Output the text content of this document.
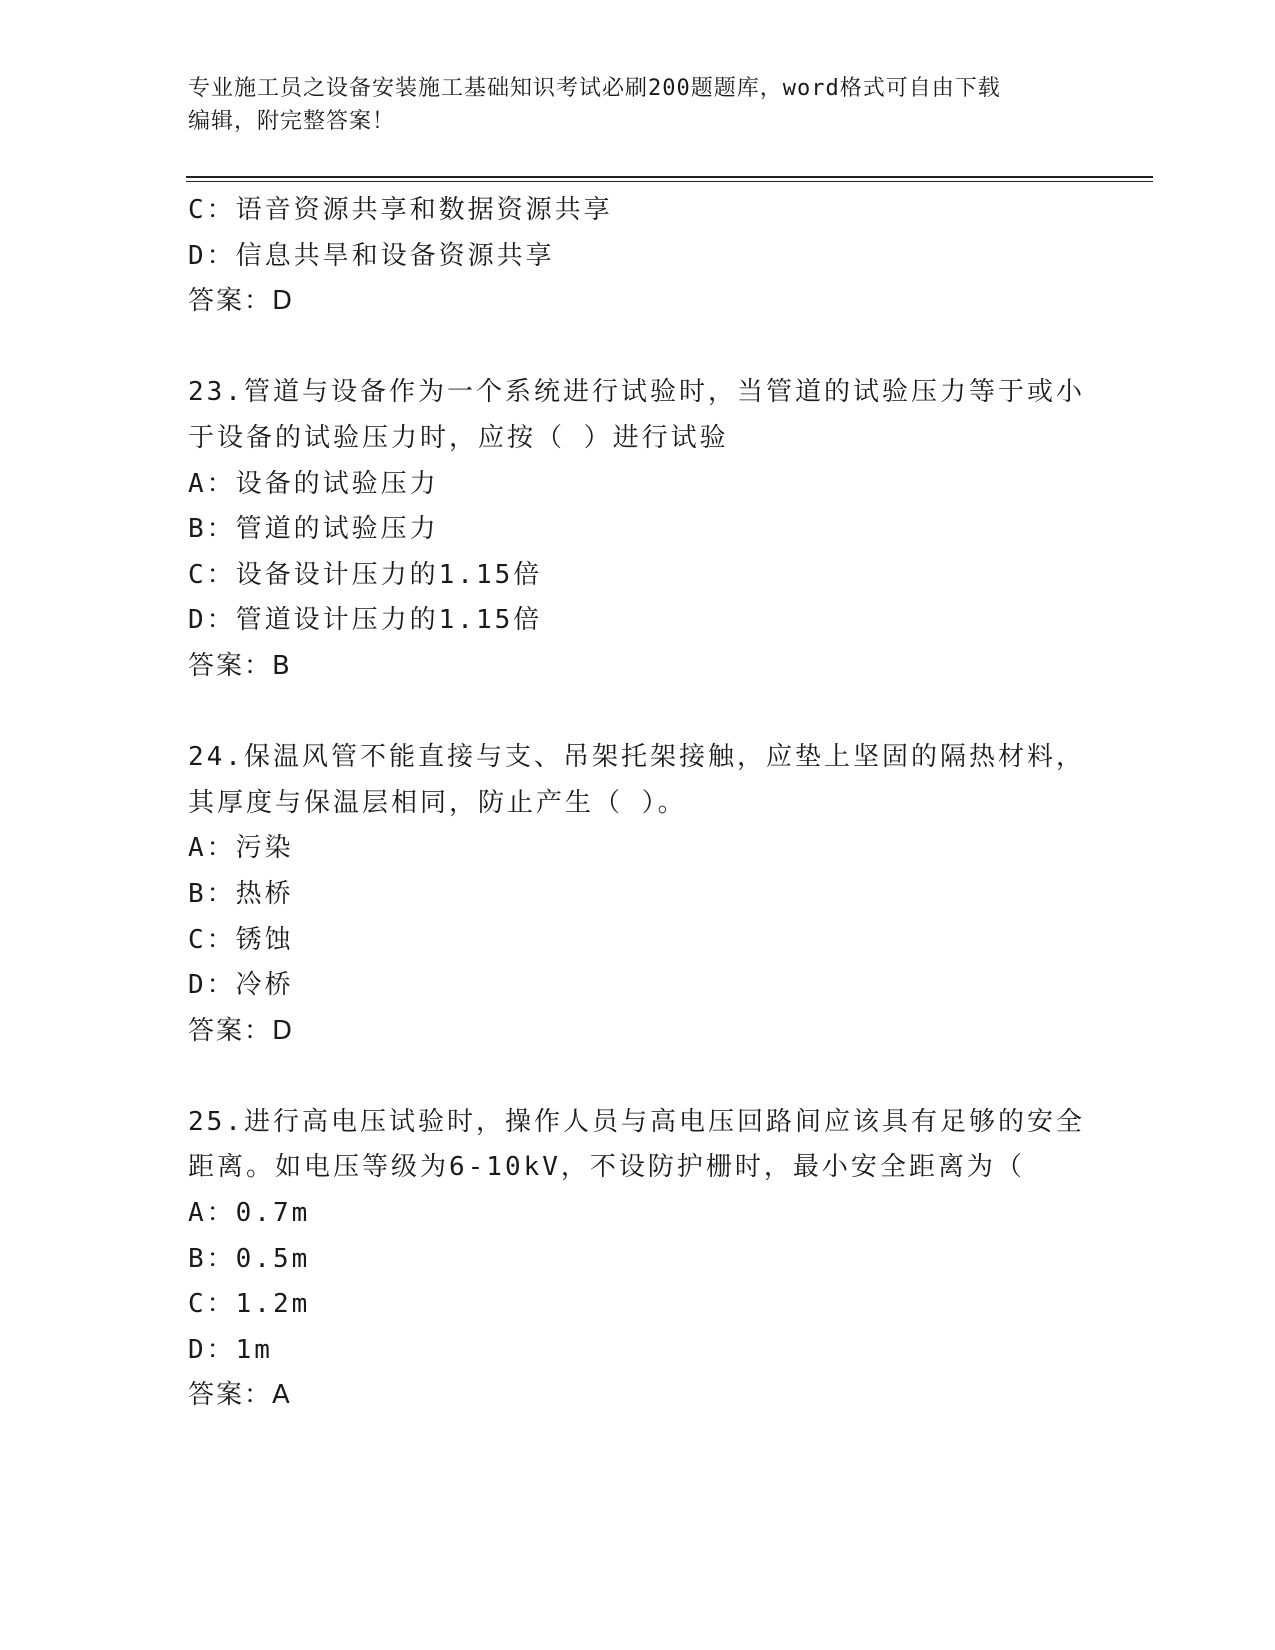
专业施工员之设备安装施工基础知识考试必刷200题题库，word格式可自由下载
编辑，附完整答案！
C：语音资源共享和数据资源共享
D：信息共旱和设备资源共享
答案：D
23.管道与设备作为一个系统进行试验时，当管道的试验压力等于或小
于设备的试验压力时，应按（ ）进行试验
A：设备的试验压力
B：管道的试验压力
C：设备设计压力的1.15倍
D：管道设计压力的1.15倍
答案：B
24.保温风管不能直接与支、吊架托架接触，应垫上坚固的隔热材料，
其厚度与保温层相同，防止产生（ ）。
A：污染
B：热桥
C：锈蚀
D：冷桥
答案：D
25.进行高电压试验时，操作人员与高电压回路间应该具有足够的安全
距离。如电压等级为6-10kV，不设防护栅时，最小安全距离为（
A：0.7m
B：0.5m
C：1.2m
D：1m
答案：A
